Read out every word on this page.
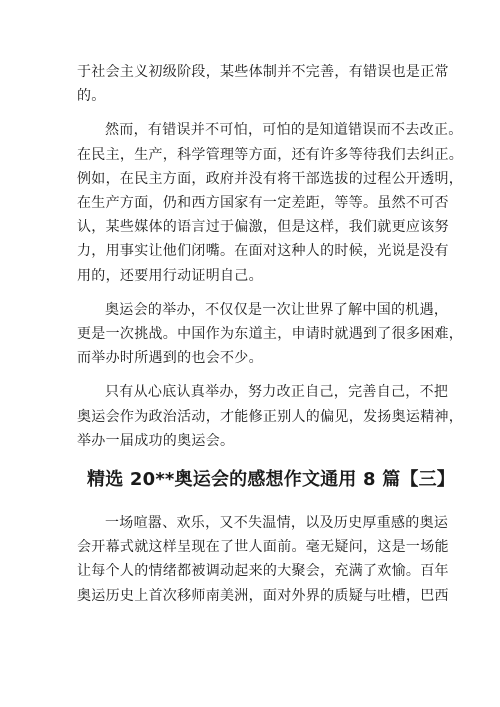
于社会主义初级阶段，某些体制并不完善，有错误也是正常
的。

然而，有错误并不可怕，可怕的是知道错误而不去改正。
在民主，生产，科学管理等方面，还有许多等待我们去纠正。
例如，在民主方面，政府并没有将干部选拔的过程公开透明，
在生产方面，仍和西方国家有一定差距，等等。虽然不可否
认，某些媒体的语言过于偏激，但是这样，我们就更应该努
力，用事实让他们闭嘴。在面对这种人的时候，光说是没有
用的，还要用行动证明自己。

奥运会的举办，不仅仅是一次让世界了解中国的机遇，
更是一次挑战。中国作为东道主，申请时就遇到了很多困难，
而举办时所遇到的也会不少。

只有从心底认真举办，努力改正自己，完善自己，不把
奥运会作为政治活动，才能修正别人的偏见，发扬奥运精神，
举办一届成功的奥运会。

精选 20**奥运会的感想作文通用 8 篇【三】

一场喧嚣、欢乐，又不失温情，以及历史厚重感的奥运
会开幕式就这样呈现在了世人面前。毫无疑问，这是一场能
让每个人的情绪都被调动起来的大聚会，充满了欢愉。百年
奥运历史上首次移师南美洲，面对外界的质疑与吐槽，巴西
